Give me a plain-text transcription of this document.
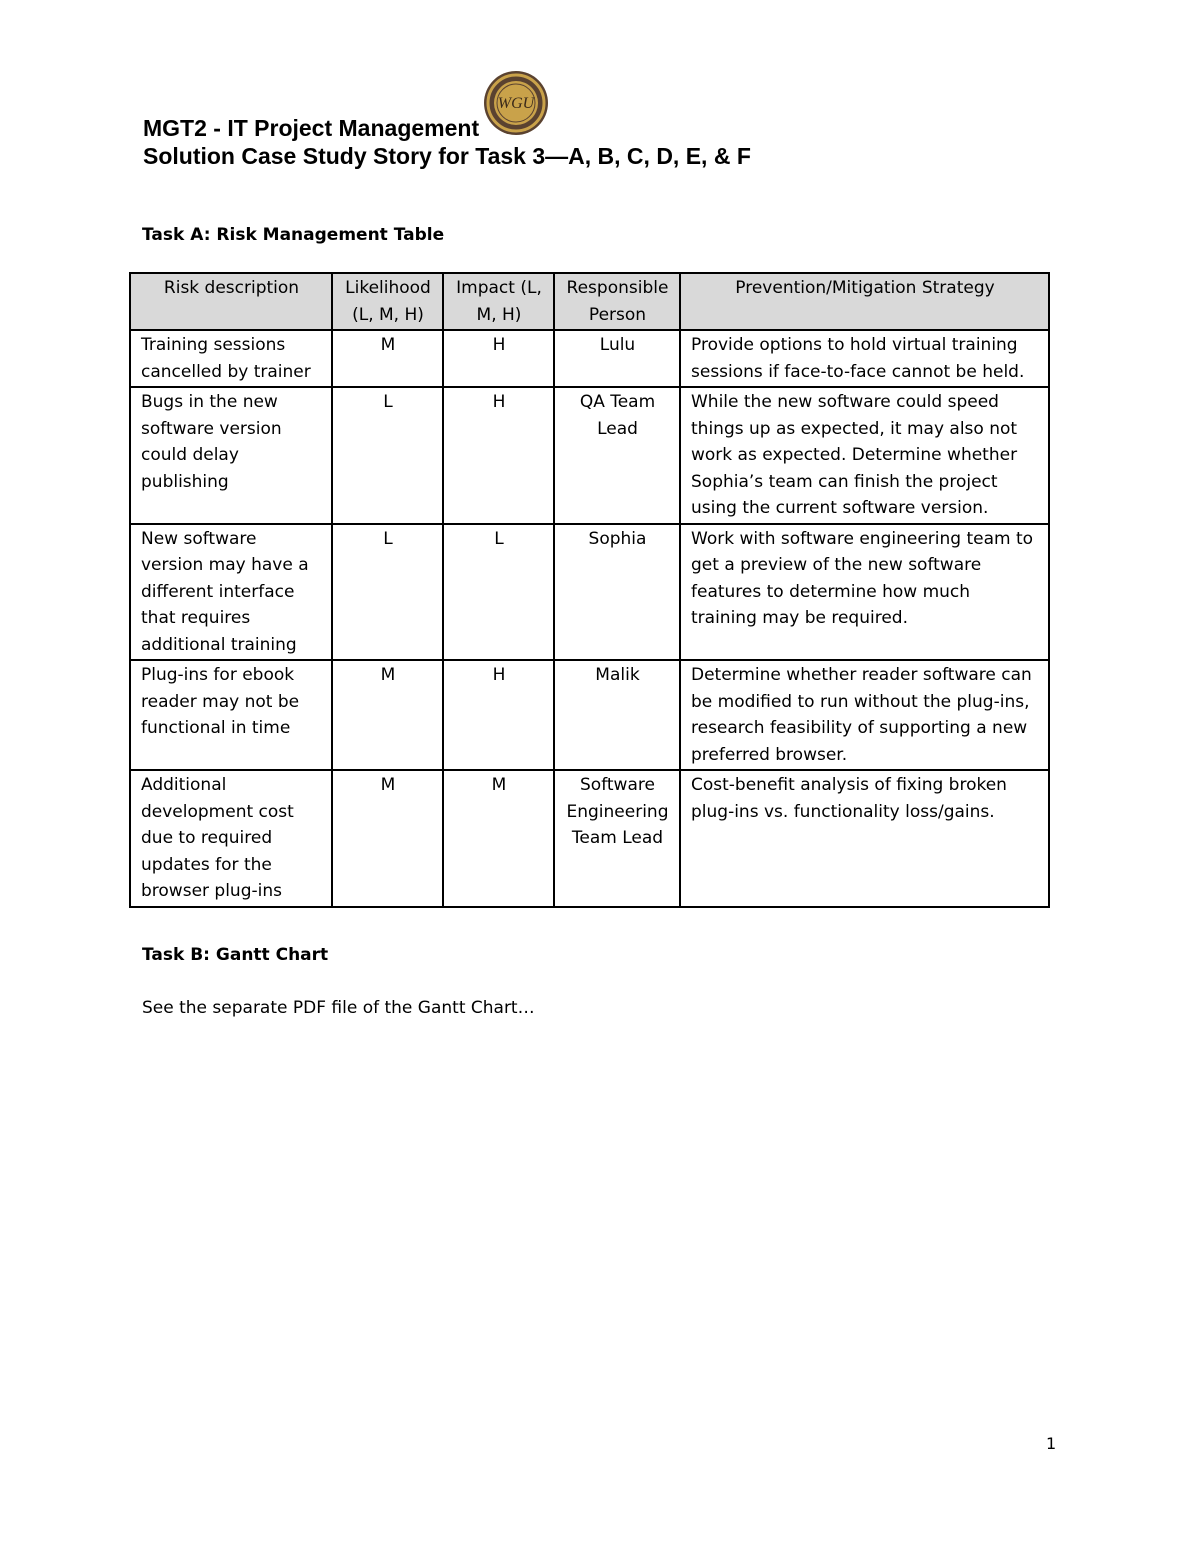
MGT2 - IT Project Management
Solution Case Study Story for Task 3—A, B, C, D, E, & F
WGU
Task A: Risk Management Table
Risk description	Likelihood (L, M, H)	Impact (L, M, H)	Responsible Person	Prevention/Mitigation Strategy
Training sessions cancelled by trainer	M	H	Lulu	Provide options to hold virtual training sessions if face-to-face cannot be held.
Bugs in the new software version could delay publishing	L	H	QA Team Lead	While the new software could speed things up as expected, it may also not work as expected. Determine whether Sophia’s team can finish the project using the current software version.
New software version may have a different interface that requires additional training	L	L	Sophia	Work with software engineering team to get a preview of the new software features to determine how much training may be required.
Plug-ins for ebook reader may not be functional in time	M	H	Malik	Determine whether reader software can be modified to run without the plug-ins, research feasibility of supporting a new preferred browser.
Additional development cost due to required updates for the browser plug-ins	M	M	Software Engineering Team Lead	Cost-benefit analysis of fixing broken plug-ins vs. functionality loss/gains.
Task B: Gantt Chart
See the separate PDF file of the Gantt Chart…
1
